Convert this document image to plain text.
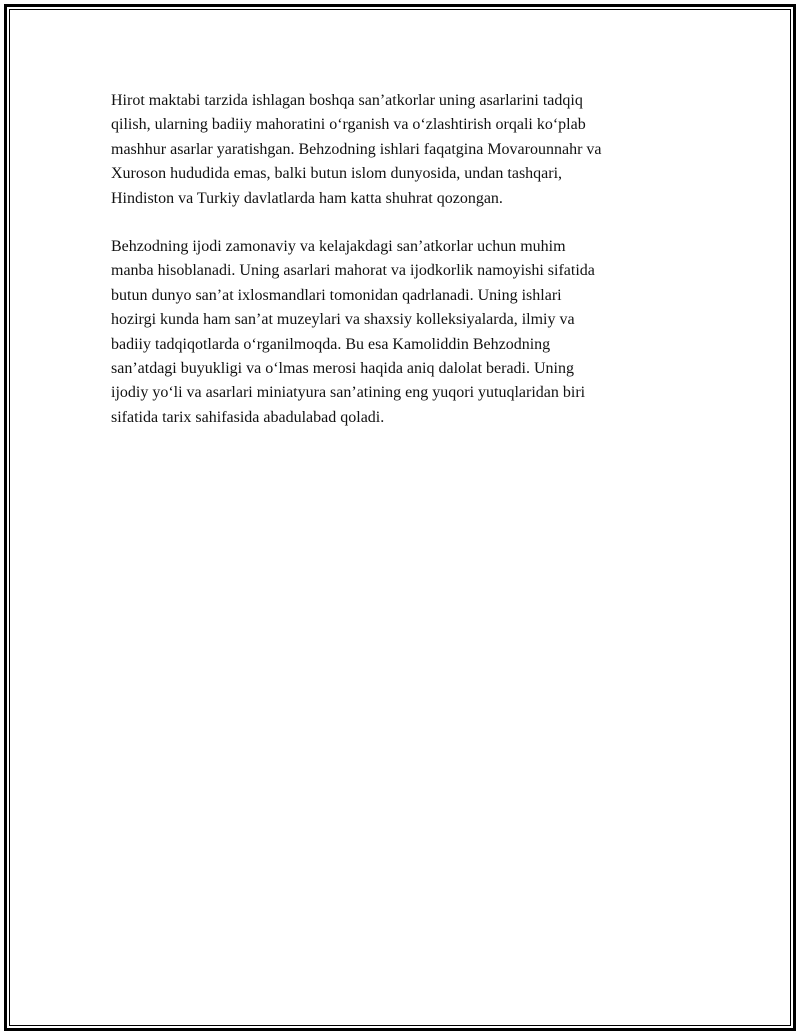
Hirot maktabi tarzida ishlagan boshqa san’atkorlar uning asarlarini tadqiq
qilish, ularning badiiy mahoratini o‘rganish va o‘zlashtirish orqali ko‘plab
mashhur asarlar yaratishgan. Behzodning ishlari faqatgina Movarounnahr va
Xuroson hududida emas, balki butun islom dunyosida, undan tashqari,
Hindiston va Turkiy davlatlarda ham katta shuhrat qozongan.

Behzodning ijodi zamonaviy va kelajakdagi san’atkorlar uchun muhim
manba hisoblanadi. Uning asarlari mahorat va ijodkorlik namoyishi sifatida
butun dunyo san’at ixlosmandlari tomonidan qadrlanadi. Uning ishlari
hozirgi kunda ham san’at muzeylari va shaxsiy kolleksiyalarda, ilmiy va
badiiy tadqiqotlarda o‘rganilmoqda. Bu esa Kamoliddin Behzodning
san’atdagi buyukligi va o‘lmas merosi haqida aniq dalolat beradi. Uning
ijodiy yo‘li va asarlari miniatyura san’atining eng yuqori yutuqlaridan biri
sifatida tarix sahifasida abadulabad qoladi.
